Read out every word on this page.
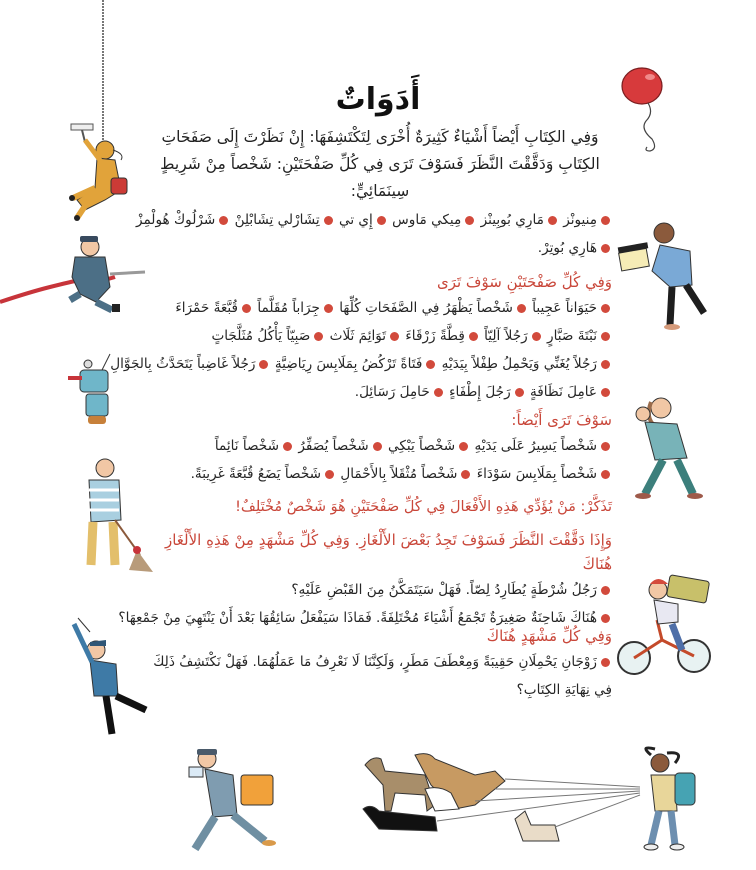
أَدَوَاتٌ
وَفِي الكِتَابِ أَيْضاً أَشْيَاءٌ كَثِيرَةٌ أُخْرَى لِتَكْتَشِفَهَا: إِنْ نَظَرْتَ إِلَى صَفَحَاتِ الكِتَابِ وَدَقَّقْتَ النَّظَرَ فَسَوْفَ تَرَى فِي كُلِّ صَفْحَتَيْنِ: شَخْصاً مِنْ شَرِيطٍ سِينَمَائِيٍّ:
مِنيونْز مَارِي بُوبِينْز مِيكي مَاوس إِي تي تِشَارْلي تِشَابْلِنْ شَرْلُوكْ هُولْمِزْ
هَارِي بُوتِرْ.
وَفِي كُلِّ صَفْحَتَيْنِ سَوْفَ تَرَى
حَيَوَاناً عَجِيباً شَخْصاً يَظْهَرُ فِي الصَّفَحَاتِ كُلِّهَا جِرَاباً مُقَلَّماً قُبَّعَةً حَمْرَاءَ
نَبْتَةَ صَبَّارٍ رَجُلاً آلِيّاً قِطَّةً زَرْقَاءَ تَوَائِمَ ثَلَاث صَبِيّاً يَأْكُلُ مُثَلَّجَاتٍ
رَجُلاً يُغَنِّي وَيَحْمِلُ طِفْلاً بِيَدَيْهِ فَتَاةً تَرْكُضُ بِمَلَابِسَ رِيَاضِيَّةٍ رَجُلاً غَاضِباً يَتَحَدَّثُ بِالجَوَّالِ
عَامِلَ نَظَافَةٍ رَجُلَ إِطْفَاءٍ حَامِلَ رَسَائِلَ.
سَوْفَ تَرَى أَيْضاً:
شَخْصاً يَسِيرُ عَلَى يَدَيْهِ شَخْصاً يَبْكِي شَخْصاً يُصَفِّرُ شَخْصاً نَائِماً
شَخْصاً بِمَلَابِسَ سَوْدَاءَ شَخْصاً مُثْقَلاً بِالأَحْمَالِ شَخْصاً يَضَعُ قُبَّعَةً غَرِيبَةً.
تَذَكَّرْ: مَنْ يُؤَدِّي هَذِهِ الأَفْعَالَ فِي كُلِّ صَفْحَتَيْنِ هُوَ شَخْصٌ مُخْتَلِفٌ!
وَإِذَا دَقَّقْتَ النَّظَرَ فَسَوْفَ تَجِدُ بَعْضَ الأَلْغَازِ. وَفِي كُلِّ مَشْهَدٍ مِنْ هَذِهِ الأَلْغَازِ هُنَاكَ
رَجُلُ شُرْطَةٍ يُطَارِدُ لِصّاً. فَهَلْ سَيَتَمَكَّنُ مِنَ القَبْضِ عَلَيْهِ؟
هُنَاكَ شَاحِنَةٌ صَغِيرَةٌ تَجْمَعُ أَشْيَاءَ مُخْتَلِفَةً. فَمَاذَا سَيَفْعَلُ سَائِقُهَا بَعْدَ أَنْ يَنْتَهِيَ مِنْ جَمْعِهَا؟
وَفِي كُلِّ مَشْهَدٍ هُنَاكَ
زَوْجَانِ يَحْمِلَانِ حَقِيبَةً وَمِعْطَفَ مَطَرٍ، وَلَكِنَّنَا لَا نَعْرِفُ مَا عَمَلُهُمَا. فَهَلْ نَكْتَشِفُ ذَلِكَ فِي نِهَايَةِ الكِتَابِ؟
